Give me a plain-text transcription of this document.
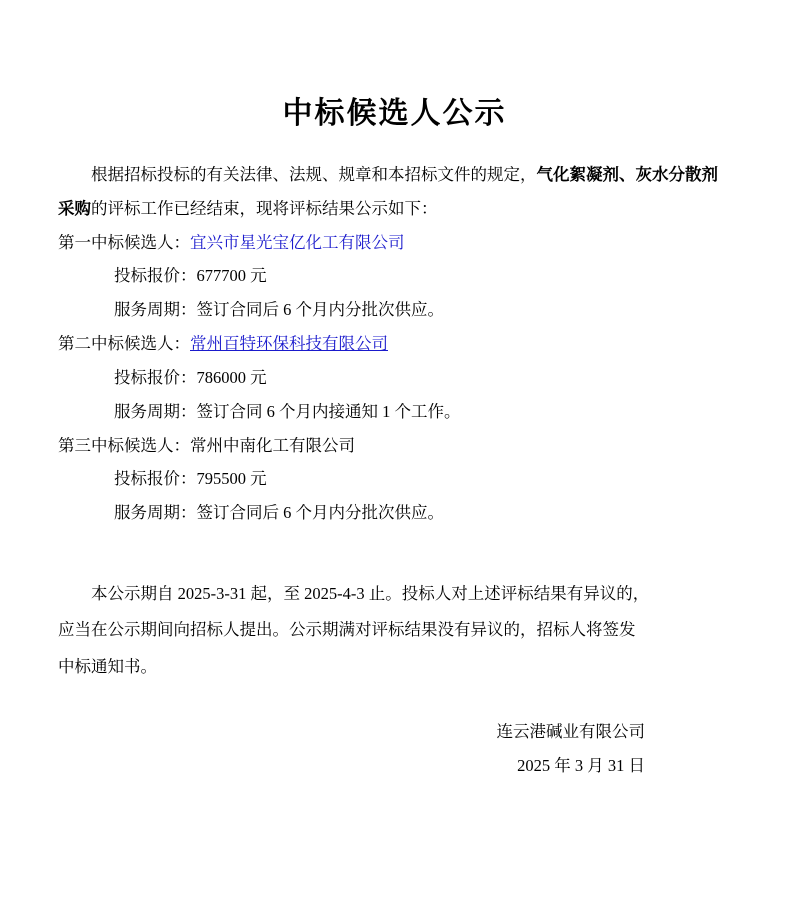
中标候选人公示

根据招标投标的有关法律、法规、规章和本招标文件的规定，气化絮凝剂、灰水分散剂采购的评标工作已经结束，现将评标结果公示如下：

第一中标候选人：宜兴市星光宝亿化工有限公司

投标报价：677700 元

服务周期：签订合同后 6 个月内分批次供应。

第二中标候选人：常州百特环保科技有限公司

投标报价：786000 元

服务周期：签订合同 6 个月内接通知 1 个工作。

第三中标候选人：常州中南化工有限公司

投标报价：795500 元

服务周期：签订合同后 6 个月内分批次供应。

本公示期自 2025-3-31 起，至 2025-4-3 止。投标人对上述评标结果有异议的，

应当在公示期间向招标人提出。公示期满对评标结果没有异议的，招标人将签发

中标通知书。

连云港碱业有限公司
2025 年 3 月 31 日
